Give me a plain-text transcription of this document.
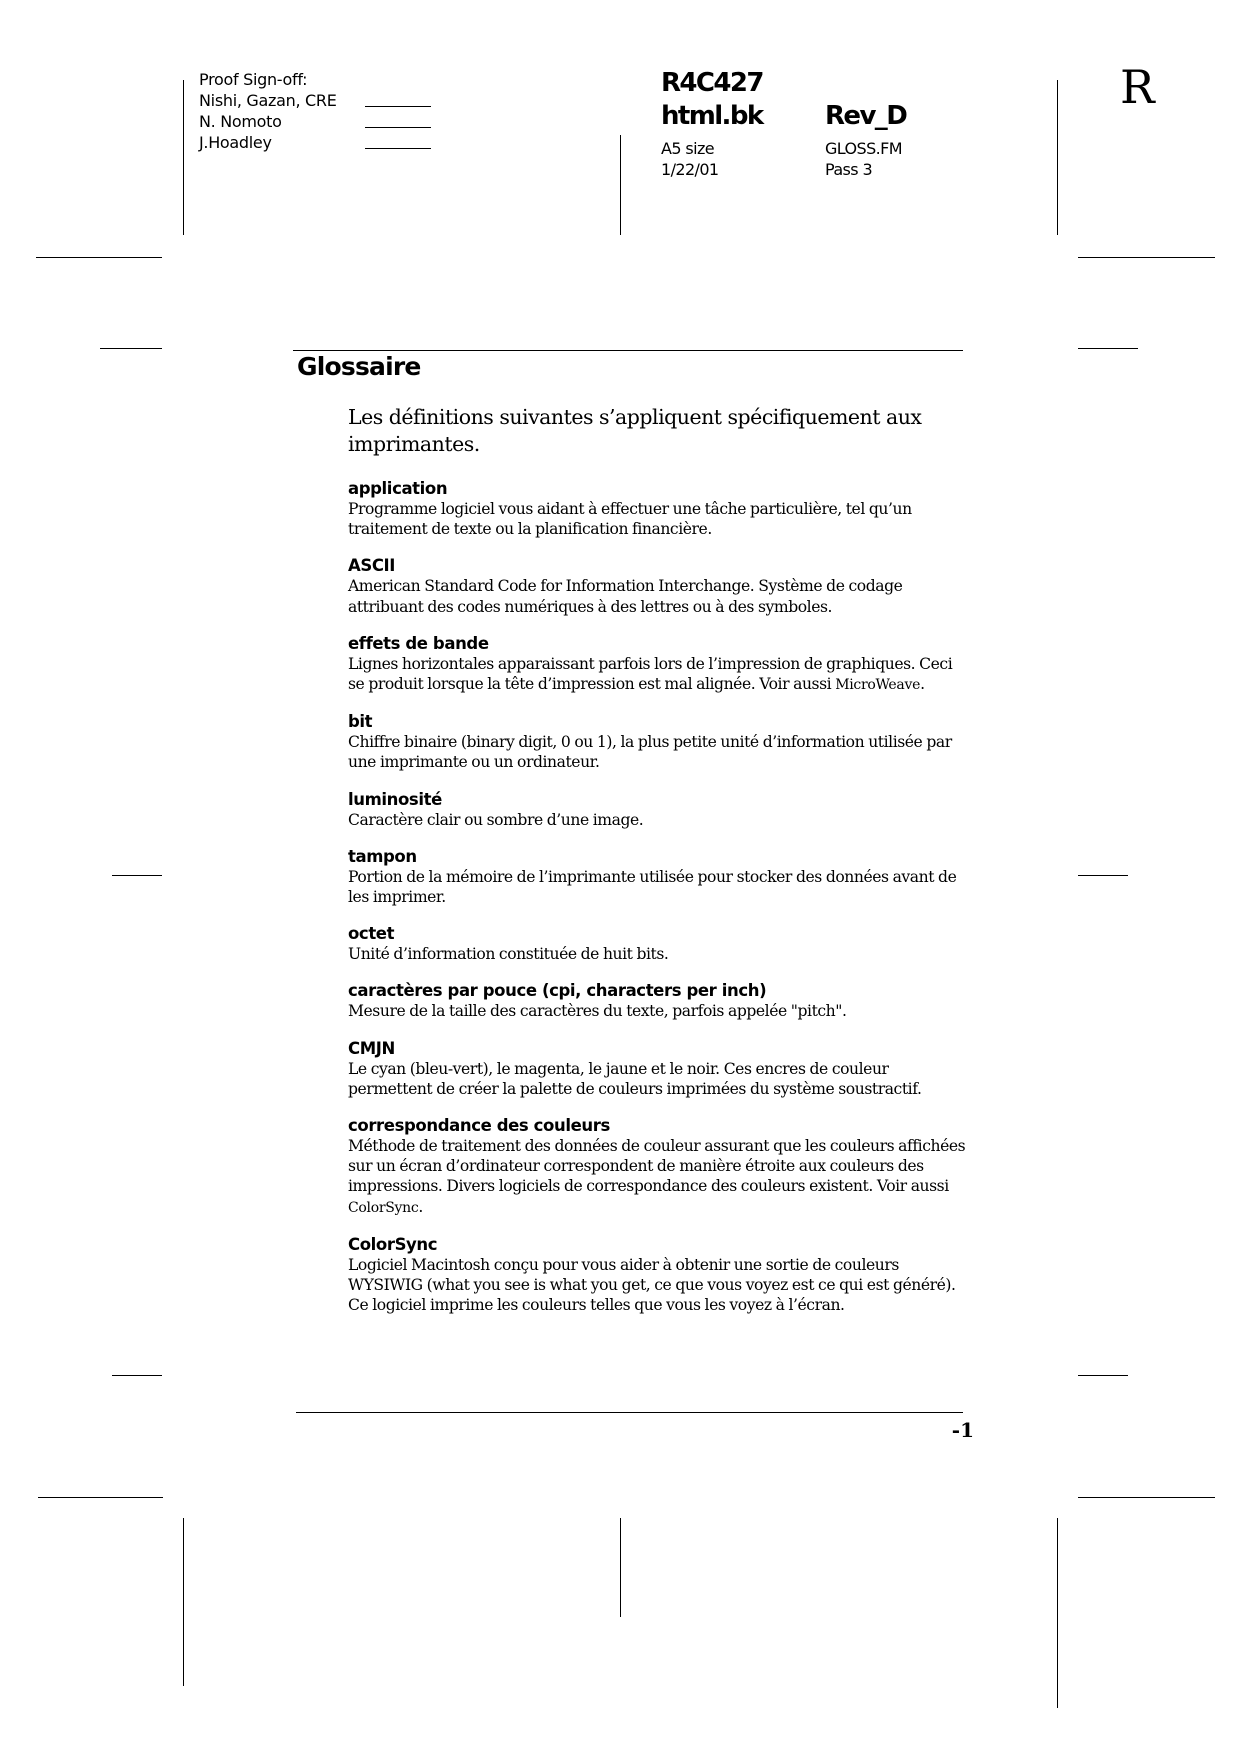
Proof Sign-off:
Nishi, Gazan, CRE
N. Nomoto
J.Hoadley
R4C427
html.bk Rev_D
A5 size
1/22/01
GLOSS.FM
Pass 3
R
Glossaire

Les définitions suivantes s’appliquent spécifiquement aux imprimantes.

application
Programme logiciel vous aidant à effectuer une tâche particulière, tel qu’un traitement de texte ou la planification financière.
ASCII
American Standard Code for Information Interchange. Système de codage attribuant des codes numériques à des lettres ou à des symboles.
effets de bande
Lignes horizontales apparaissant parfois lors de l’impression de graphiques. Ceci se produit lorsque la tête d’impression est mal alignée. Voir aussi MicroWeave.
bit
Chiffre binaire (binary digit, 0 ou 1), la plus petite unité d’information utilisée par une imprimante ou un ordinateur.
luminosité
Caractère clair ou sombre d’une image.
tampon
Portion de la mémoire de l’imprimante utilisée pour stocker des données avant de les imprimer.
octet
Unité d’information constituée de huit bits.
caractères par pouce (cpi, characters per inch)
Mesure de la taille des caractères du texte, parfois appelée "pitch".
CMJN
Le cyan (bleu-vert), le magenta, le jaune et le noir. Ces encres de couleur permettent de créer la palette de couleurs imprimées du système soustractif.
correspondance des couleurs
Méthode de traitement des données de couleur assurant que les couleurs affichées sur un écran d’ordinateur correspondent de manière étroite aux couleurs des impressions. Divers logiciels de correspondance des couleurs existent. Voir aussi ColorSync.
ColorSync
Logiciel Macintosh conçu pour vous aider à obtenir une sortie de couleurs WYSIWIG (what you see is what you get, ce que vous voyez est ce qui est généré). Ce logiciel imprime les couleurs telles que vous les voyez à l’écran.
-1
